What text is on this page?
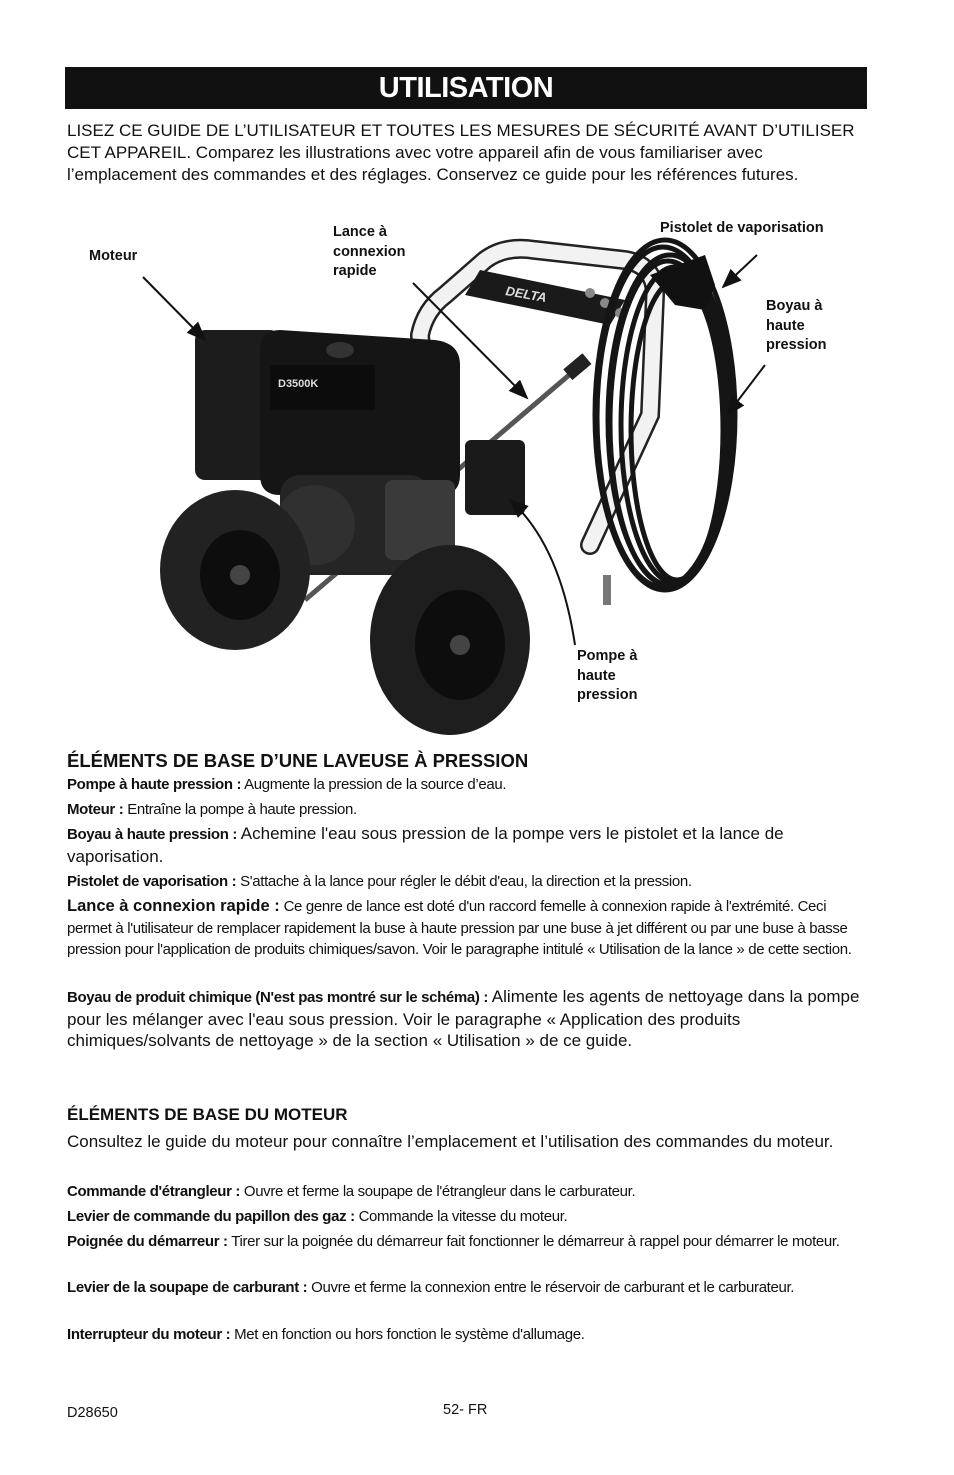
UTILISATION
LISEZ CE GUIDE DE L’UTILISATEUR ET TOUTES LES MESURES DE SÉCURITÉ AVANT D’UTILISER CET APPAREIL. Comparez les illustrations avec votre appareil afin de vous familiariser avec l’emplacement des commandes et des réglages. Conservez ce guide pour les références futures.
DELTA
D3500K
Moteur
Lance à
connexion
rapide
Pistolet de vaporisation
Boyau à
haute
pression
Pompe à
haute
pression
ÉLÉMENTS DE BASE D’UNE LAVEUSE À PRESSION
Pompe à haute pression : Augmente la pression de la source d’eau.
Moteur : Entraîne la pompe à haute pression.
Boyau à haute pression : Achemine l'eau sous pression de la pompe vers le pistolet et la lance de vaporisation.
Pistolet de vaporisation : S'attache à la lance pour régler le débit d'eau, la direction et la pression.
Lance à connexion rapide : Ce genre de lance est doté d'un raccord femelle à connexion rapide à l'extrémité. Ceci permet à l'utilisateur de remplacer rapidement la buse à haute pression par une buse à jet différent ou par une buse à basse pression pour l'application de produits chimiques/savon. Voir le paragraphe intitulé « Utilisation de la lance » de cette section.
Boyau de produit chimique (N'est pas montré sur le schéma) : Alimente les agents de nettoyage dans la pompe pour les mélanger avec l'eau sous pression. Voir le paragraphe « Application des produits chimiques/solvants de nettoyage » de la section « Utilisation » de ce guide.
ÉLÉMENTS DE BASE DU MOTEUR
Consultez le guide du moteur pour connaître l’emplacement et l’utilisation des commandes du moteur.
Commande d'étrangleur : Ouvre et ferme la soupape de l'étrangleur dans le carburateur.
Levier de commande du papillon des gaz : Commande la vitesse du moteur.
Poignée du démarreur : Tirer sur la poignée du démarreur fait fonctionner le démarreur à rappel pour démarrer le moteur.
Levier de la soupape de carburant : Ouvre et ferme la connexion entre le réservoir de carburant et le carburateur.
Interrupteur du moteur : Met en fonction ou hors fonction le système d'allumage.
D28650	52- FR
